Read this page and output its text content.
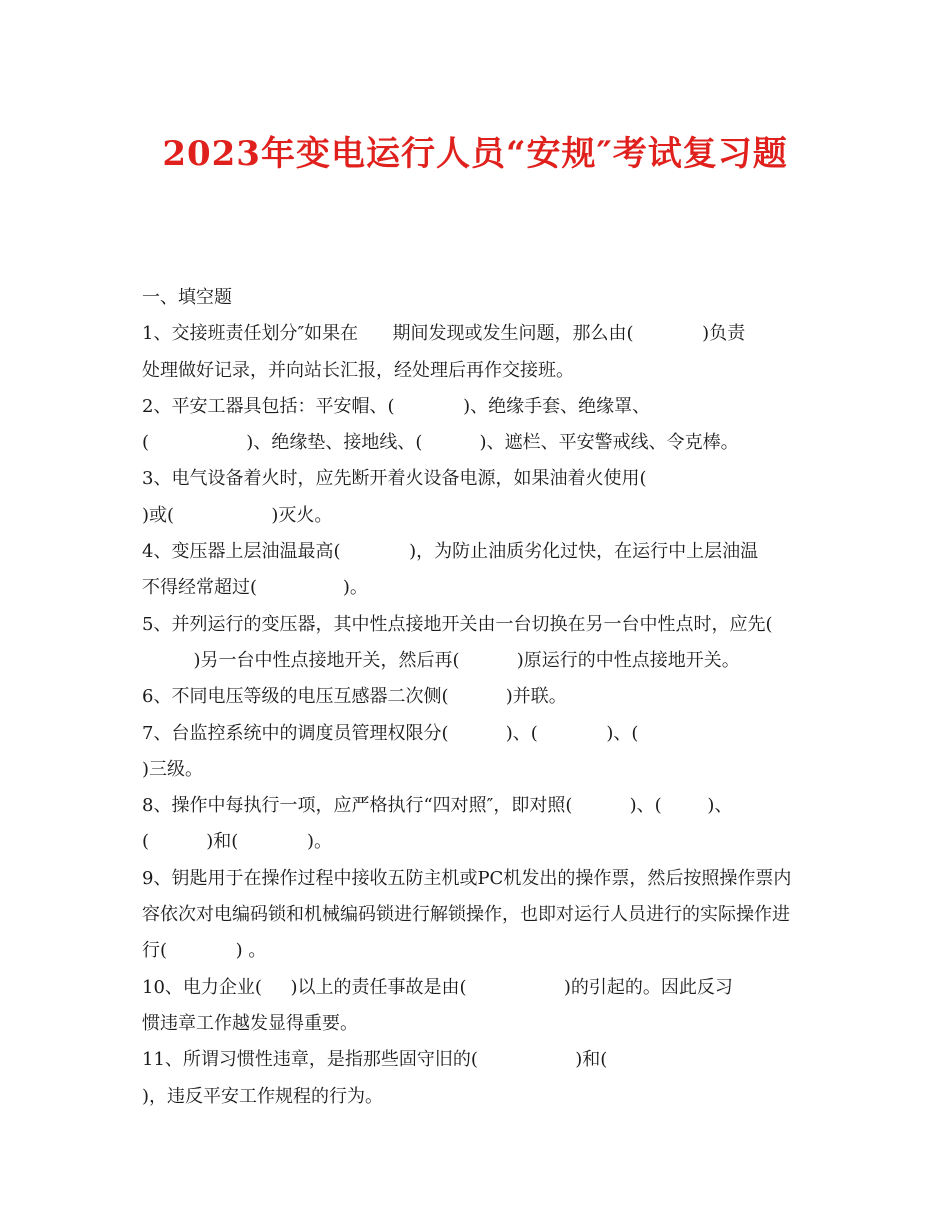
2023年变电运行人员“安规″考试复习题
一、填空题
1、交接班责任划分″如果在      期间发现或发生问题，那么由(            )负责
处理做好记录，并向站长汇报，经处理后再作交接班。
2、平安工器具包括：平安帽、(            )、绝缘手套、绝缘罩、
(                 )、绝缘垫、接地线、(          )、遮栏、平安警戒线、令克棒。
3、电气设备着火时，应先断开着火设备电源，如果油着火使用(
)或(                 )灭火。
4、变压器上层油温最高(            )，为防止油质劣化过快，在运行中上层油温
不得经常超过(               )。
5、并列运行的变压器，其中性点接地开关由一台切换在另一台中性点时，应先(
)另一台中性点接地开关，然后再(          )原运行的中性点接地开关。
6、不同电压等级的电压互感器二次侧(          )并联。
7、台监控系统中的调度员管理权限分(          )、(            )、(
)三级。
8、操作中每执行一项，应严格执行“四对照″，即对照(          )、(        )、
(          )和(            )。
9、钥匙用于在操作过程中接收五防主机或PC机发出的操作票，然后按照操作票内
容依次对电编码锁和机械编码锁进行解锁操作，也即对运行人员进行的实际操作进
行(            ) 。
10、电力企业(     )以上的责任事故是由(                 )的引起的。因此反习
惯违章工作越发显得重要。
11、所谓习惯性违章，是指那些固守旧的(                 )和(
)，违反平安工作规程的行为。
